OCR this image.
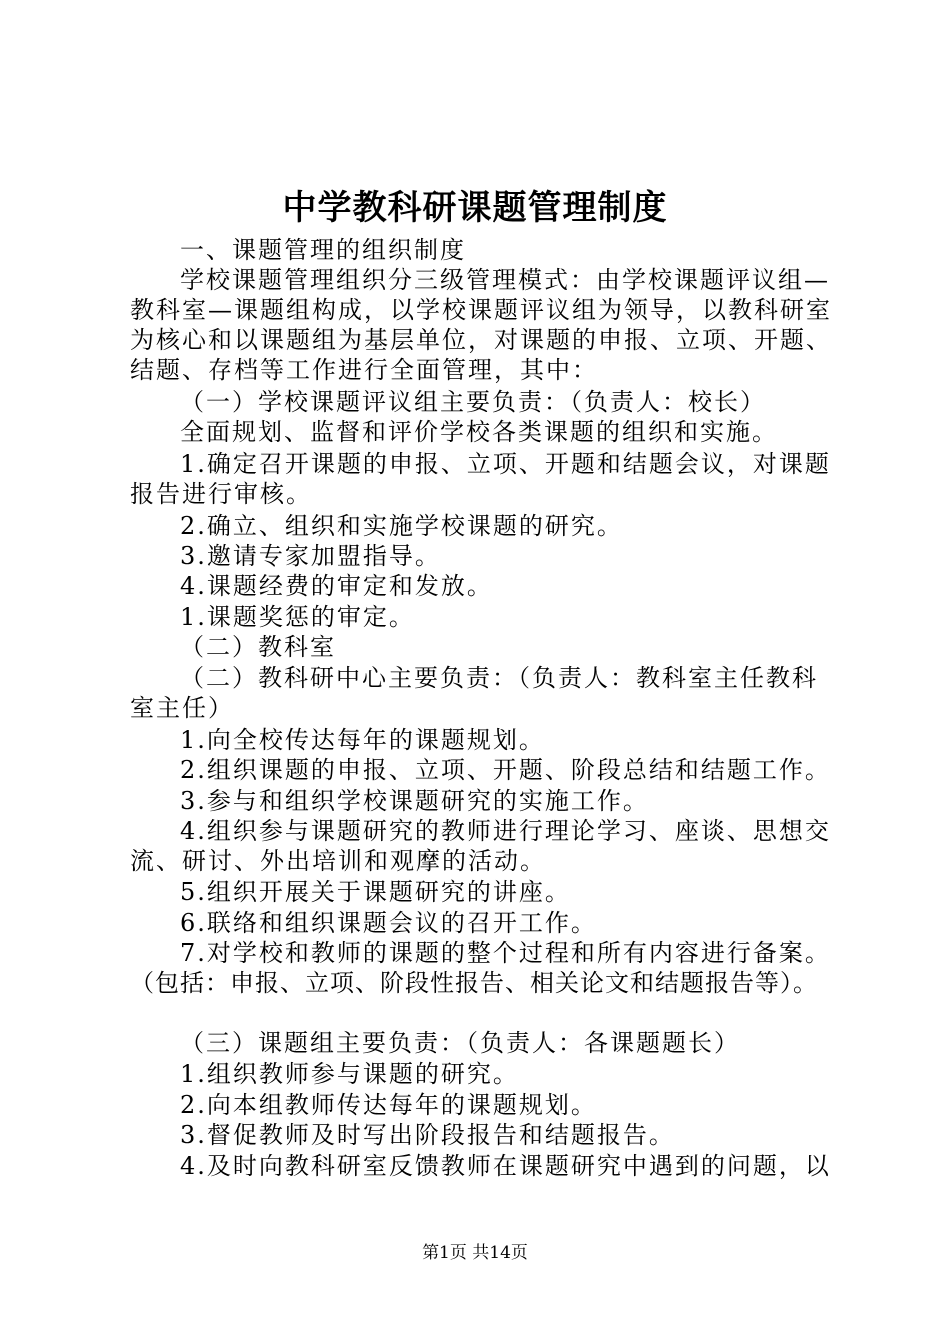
中学教科研课题管理制度
一、课题管理的组织制度
学校课题管理组织分三级管理模式：由学校课题评议组—
教科室—课题组构成，以学校课题评议组为领导，以教科研室
为核心和以课题组为基层单位，对课题的申报、立项、开题、
结题、存档等工作进行全面管理，其中：
（一）学校课题评议组主要负责：（负责人：校长）
全面规划、监督和评价学校各类课题的组织和实施。
1.确定召开课题的申报、立项、开题和结题会议，对课题
报告进行审核。
2.确立、组织和实施学校课题的研究。
3.邀请专家加盟指导。
4.课题经费的审定和发放。
1.课题奖惩的审定。
（二）教科室
（二）教科研中心主要负责：（负责人：教科室主任教科
室主任）
1.向全校传达每年的课题规划。
2.组织课题的申报、立项、开题、阶段总结和结题工作。
3.参与和组织学校课题研究的实施工作。
4.组织参与课题研究的教师进行理论学习、座谈、思想交
流、研讨、外出培训和观摩的活动。
5.组织开展关于课题研究的讲座。
6.联络和组织课题会议的召开工作。
7.对学校和教师的课题的整个过程和所有内容进行备案。
（包括：申报、立项、阶段性报告、相关论文和结题报告等）。
（三）课题组主要负责：（负责人：各课题题长）
1.组织教师参与课题的研究。
2.向本组教师传达每年的课题规划。
3.督促教师及时写出阶段报告和结题报告。
4.及时向教科研室反馈教师在课题研究中遇到的问题，以
第1页 共14页
